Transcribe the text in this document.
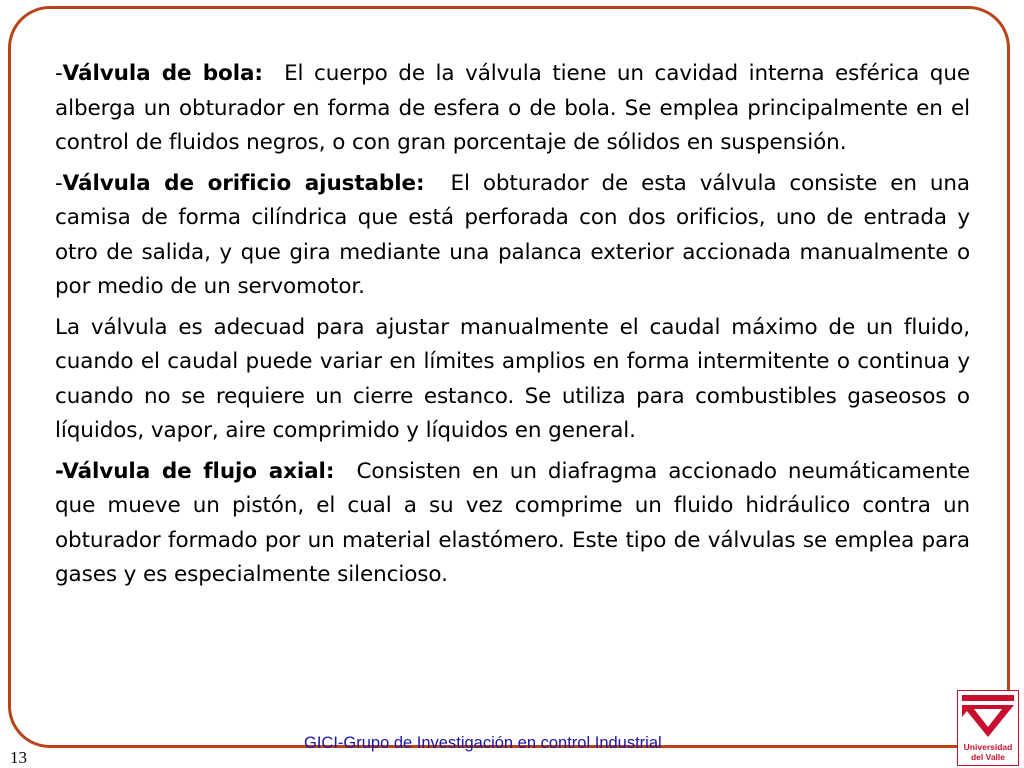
-Válvula de bola: El cuerpo de la válvula tiene un cavidad interna esférica que alberga un obturador en forma de esfera o de bola. Se emplea principalmente en el control de fluidos negros, o con gran porcentaje de sólidos en suspensión.

-Válvula de orificio ajustable: El obturador de esta válvula consiste en una camisa de forma cilíndrica que está perforada con dos orificios, uno de entrada y otro de salida, y que gira mediante una palanca exterior accionada manualmente o por medio de un servomotor.

La válvula es adecuad para ajustar manualmente el caudal máximo de un fluido, cuando el caudal puede variar en límites amplios en forma intermitente o continua y cuando no se requiere un cierre estanco. Se utiliza para combustibles gaseosos o líquidos, vapor, aire comprimido y líquidos en general.

-Válvula de flujo axial: Consisten en un diafragma accionado neumáticamente que mueve un pistón, el cual a su vez comprime un fluido hidráulico contra un obturador formado por un material elastómero. Este tipo de válvulas se emplea para gases y es especialmente silencioso.

GICI-Grupo de Investigación en control Industrial
13
Universidad
del Valle
